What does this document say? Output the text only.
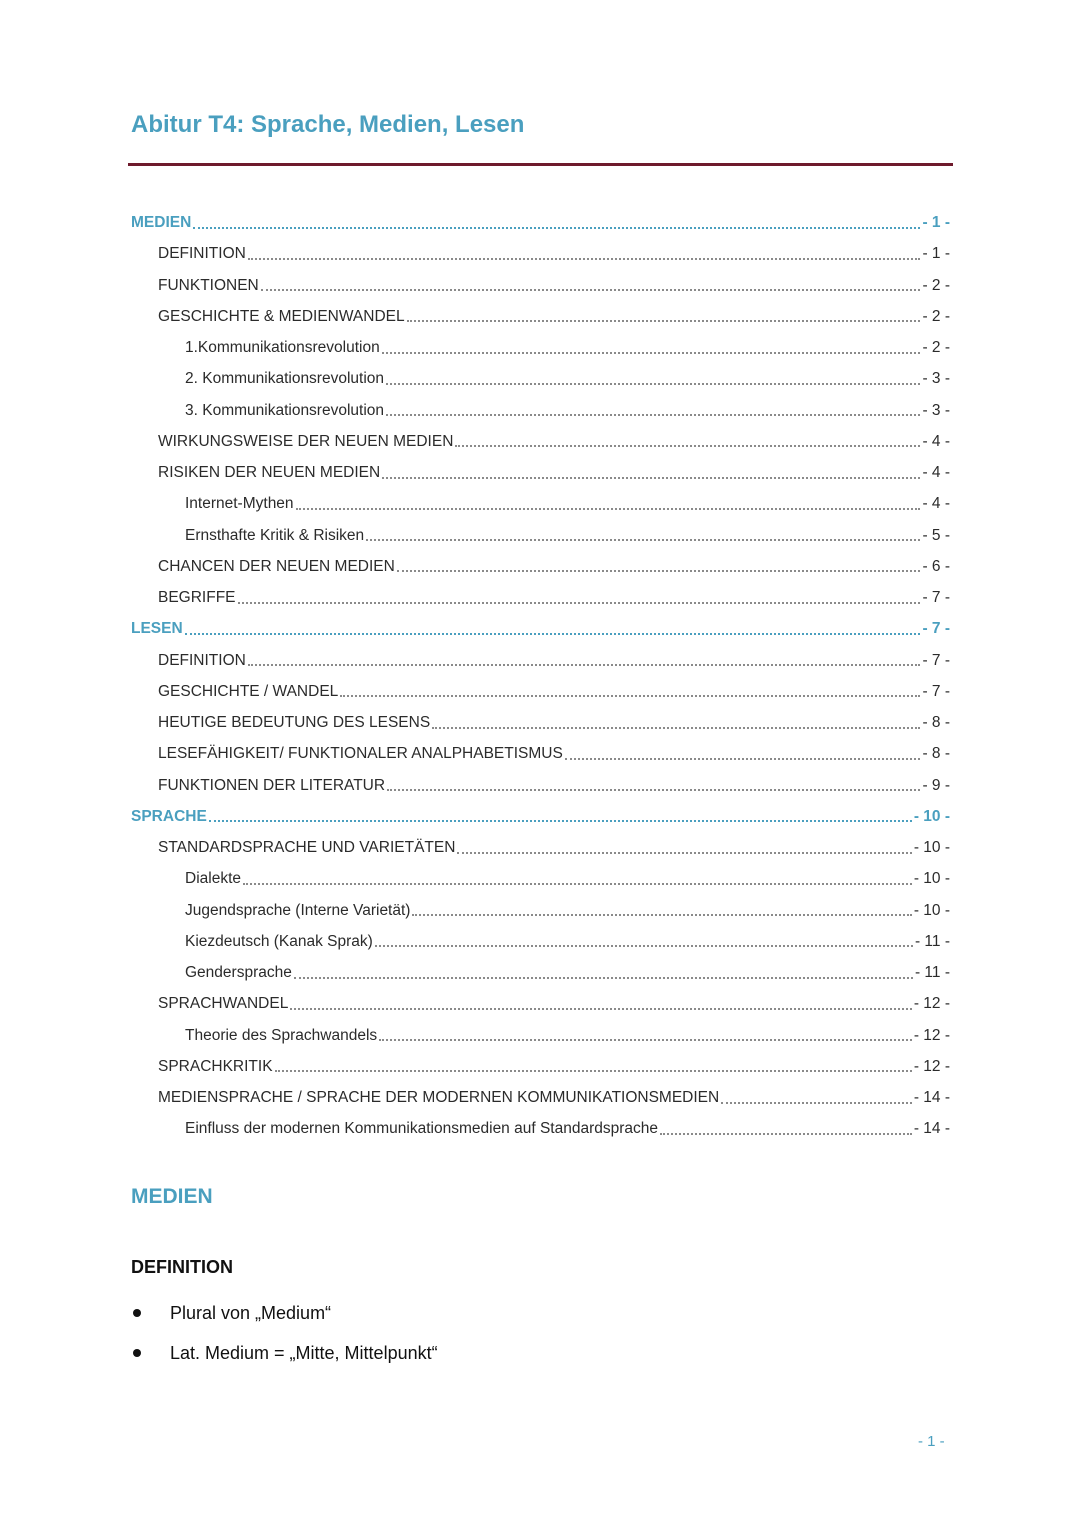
Abitur T4: Sprache, Medien, Lesen
MEDIEN	- 1 -
DEFINITION	- 1 -
FUNKTIONEN	- 2 -
GESCHICHTE & MEDIENWANDEL	- 2 -
1.Kommunikationsrevolution	- 2 -
2. Kommunikationsrevolution	- 3 -
3. Kommunikationsrevolution	- 3 -
WIRKUNGSWEISE DER NEUEN MEDIEN	- 4 -
RISIKEN DER NEUEN MEDIEN	- 4 -
Internet-Mythen	- 4 -
Ernsthafte Kritik & Risiken	- 5 -
CHANCEN DER NEUEN MEDIEN	- 6 -
BEGRIFFE	- 7 -
LESEN	- 7 -
DEFINITION	- 7 -
GESCHICHTE / WANDEL	- 7 -
HEUTIGE BEDEUTUNG DES LESENS	- 8 -
LESEFÄHIGKEIT/ FUNKTIONALER ANALPHABETISMUS	- 8 -
FUNKTIONEN DER LITERATUR	- 9 -
SPRACHE	- 10 -
STANDARDSPRACHE UND VARIETÄTEN	- 10 -
Dialekte	- 10 -
Jugendsprache (Interne Varietät)	- 10 -
Kiezdeutsch (Kanak Sprak)	- 11 -
Gendersprache	- 11 -
SPRACHWANDEL	- 12 -
Theorie des Sprachwandels	- 12 -
SPRACHKRITIK	- 12 -
MEDIENSPRACHE / SPRACHE DER MODERNEN KOMMUNIKATIONSMEDIEN	- 14 -
Einfluss der modernen Kommunikationsmedien auf Standardsprache	- 14 -
MEDIEN
DEFINITION
Plural von „Medium“
Lat. Medium = „Mitte, Mittelpunkt“
- 1 -
